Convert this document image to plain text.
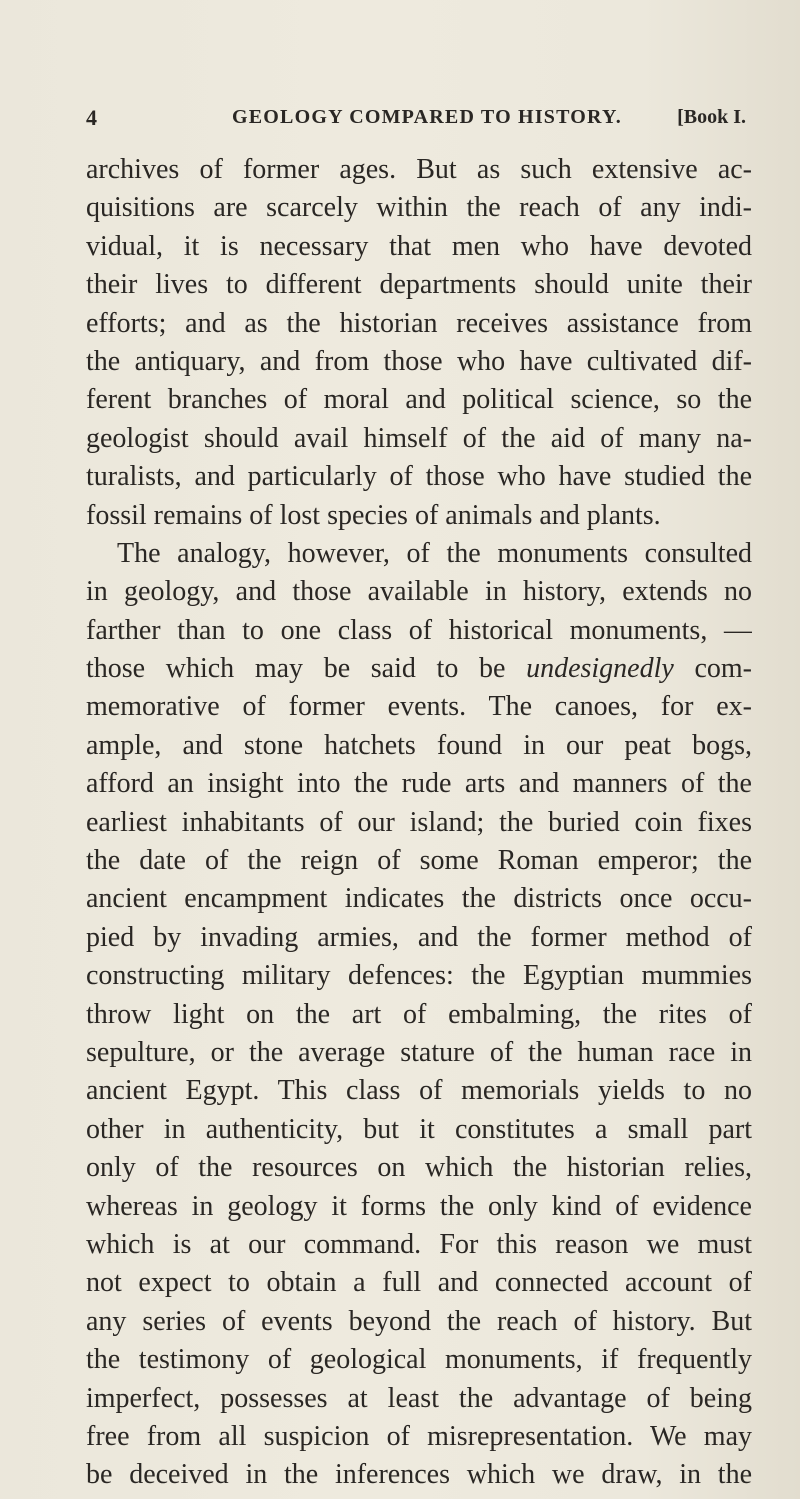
4	GEOLOGY COMPARED TO HISTORY.	[Book I.
archives of former ages. But as such extensive ac-
quisitions are scarcely within the reach of any indi-
vidual, it is necessary that men who have devoted
their lives to different departments should unite their
efforts; and as the historian receives assistance from
the antiquary, and from those who have cultivated dif-
ferent branches of moral and political science, so the
geologist should avail himself of the aid of many na-
turalists, and particularly of those who have studied the
fossil remains of lost species of animals and plants.
The analogy, however, of the monuments consulted
in geology, and those available in history, extends no
farther than to one class of historical monuments, —
those which may be said to be undesignedly com-
memorative of former events. The canoes, for ex-
ample, and stone hatchets found in our peat bogs,
afford an insight into the rude arts and manners of the
earliest inhabitants of our island; the buried coin fixes
the date of the reign of some Roman emperor; the
ancient encampment indicates the districts once occu-
pied by invading armies, and the former method of
constructing military defences: the Egyptian mummies
throw light on the art of embalming, the rites of
sepulture, or the average stature of the human race in
ancient Egypt. This class of memorials yields to no
other in authenticity, but it constitutes a small part
only of the resources on which the historian relies,
whereas in geology it forms the only kind of evidence
which is at our command. For this reason we must
not expect to obtain a full and connected account of
any series of events beyond the reach of history. But
the testimony of geological monuments, if frequently
imperfect, possesses at least the advantage of being
free from all suspicion of misrepresentation. We may
be deceived in the inferences which we draw, in the
